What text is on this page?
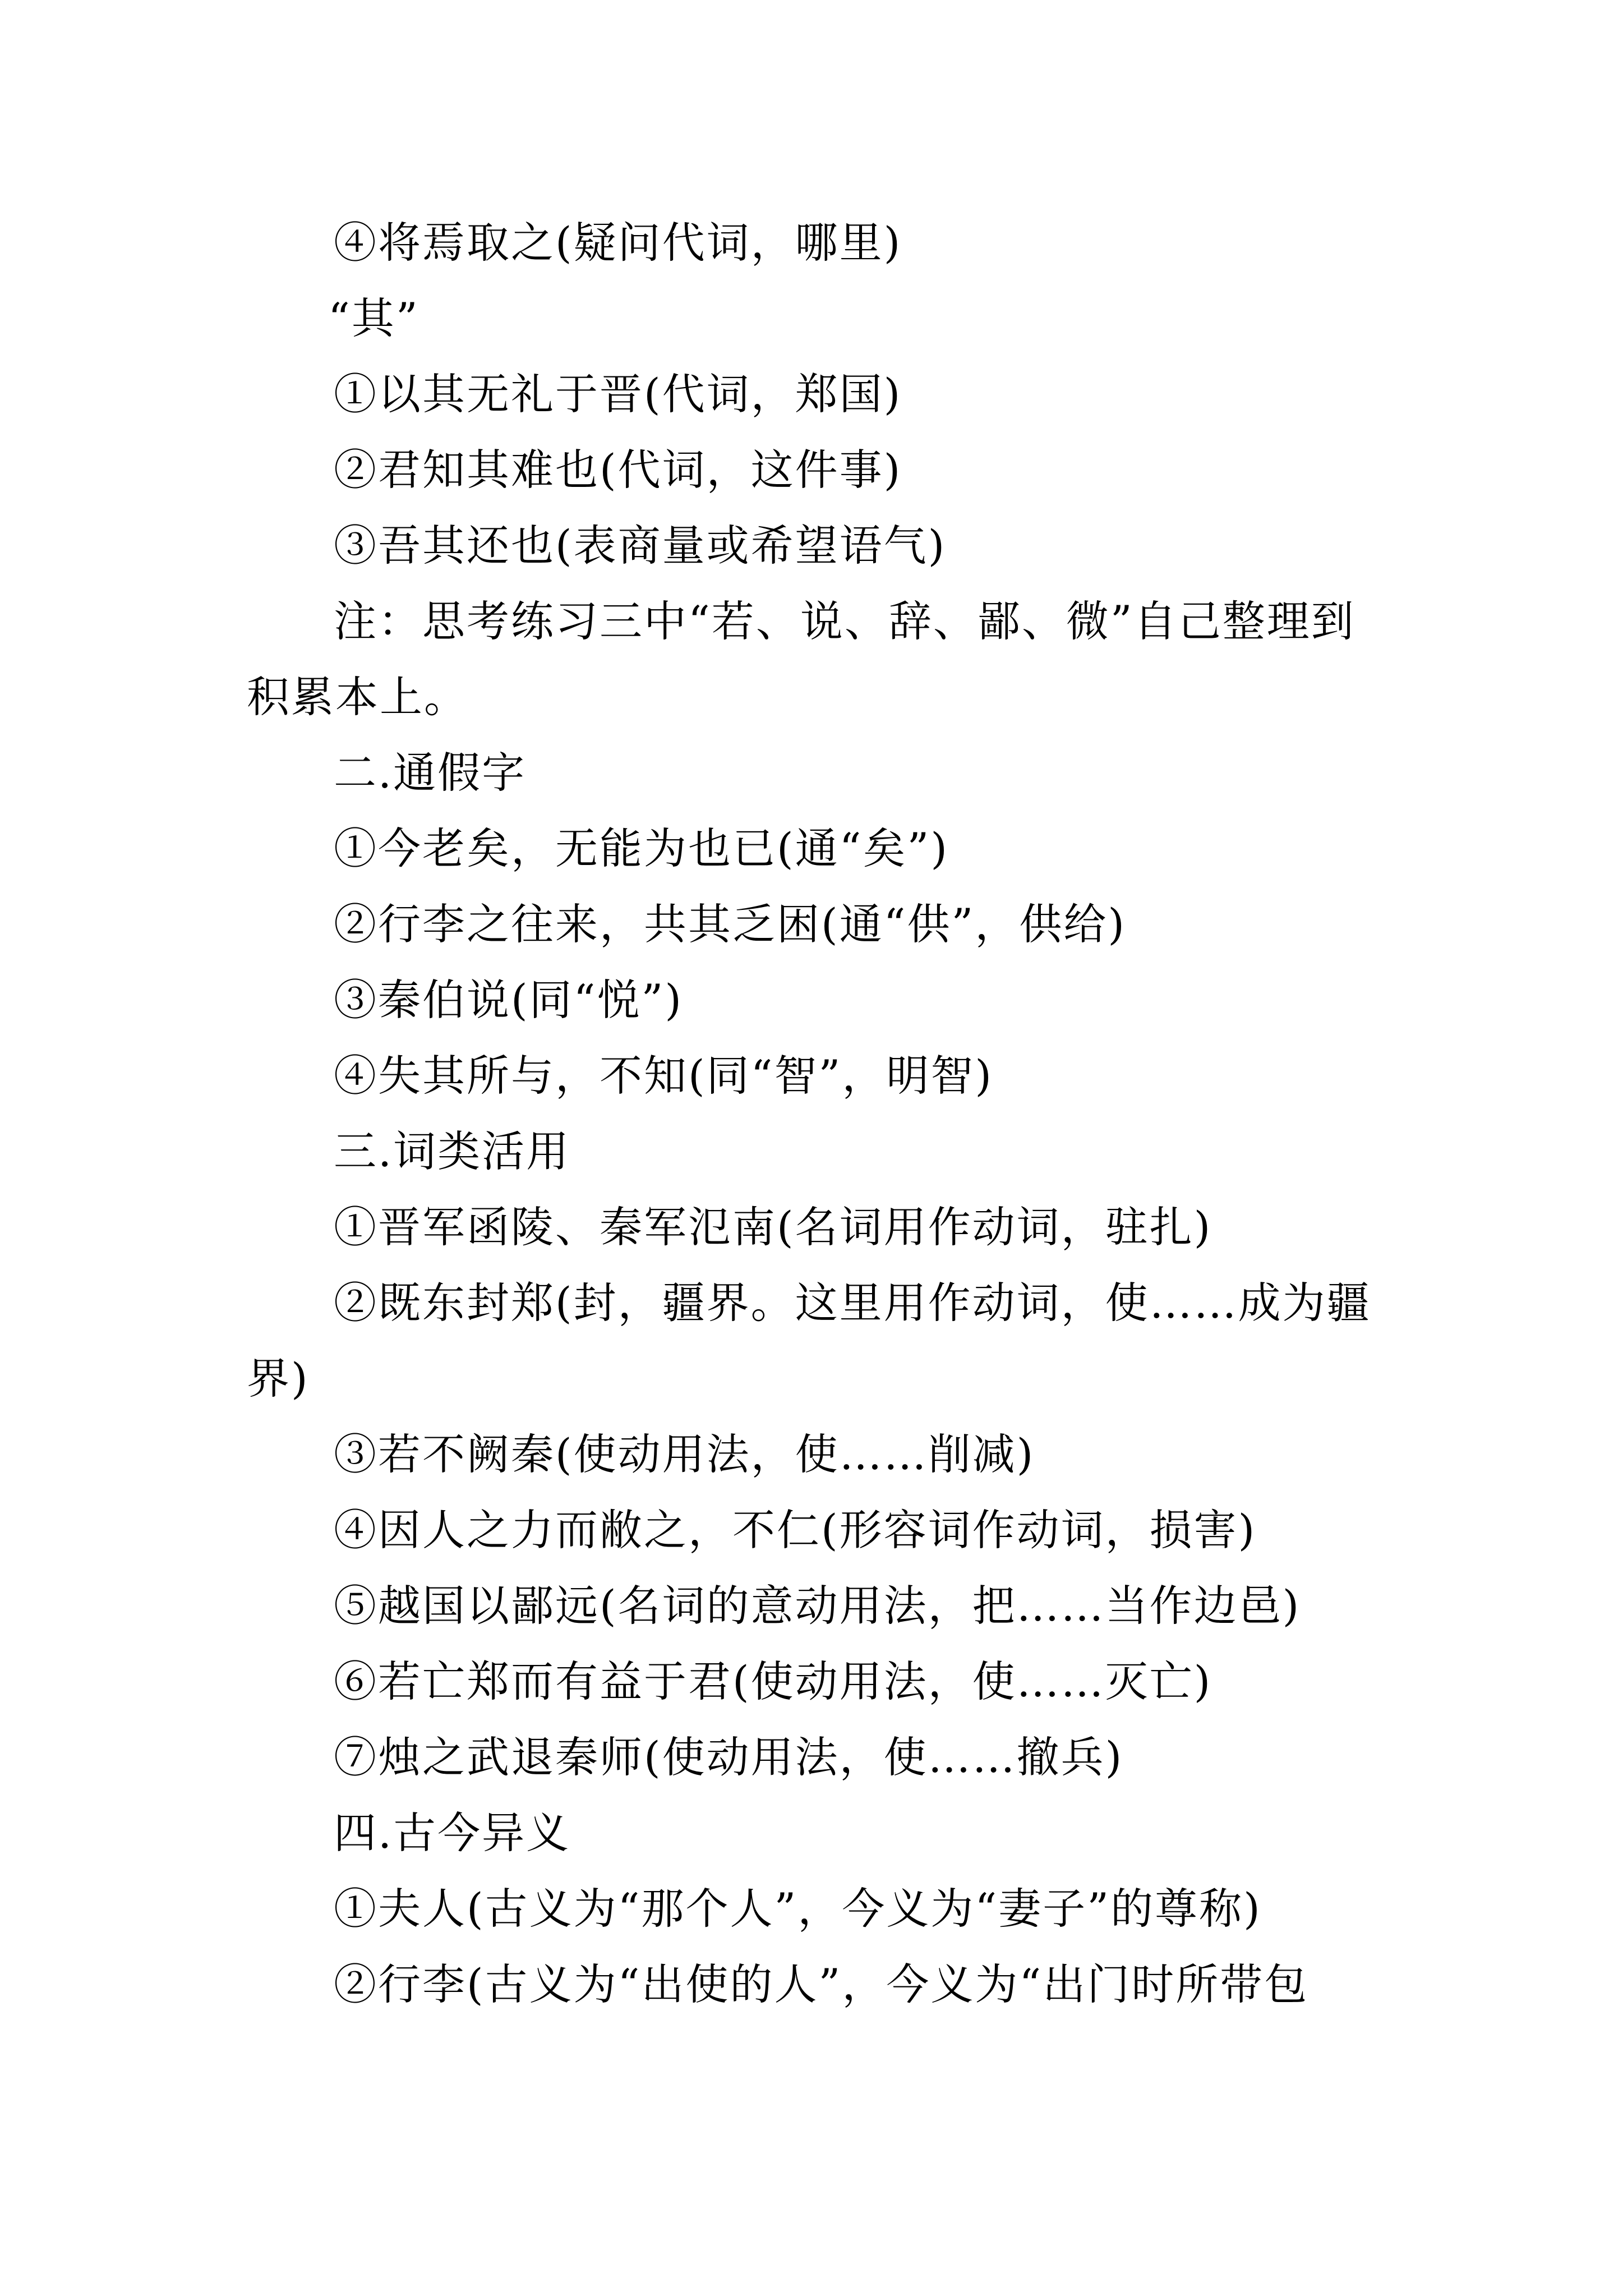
④将焉取之(疑问代词，哪里)
“其”
①以其无礼于晋(代词，郑国)
②君知其难也(代词，这件事)
③吾其还也(表商量或希望语气)
注：思考练习三中“若、说、辞、鄙、微”自己整理到
积累本上。
二.通假字
①今老矣，无能为也已(通“矣”)
②行李之往来，共其乏困(通“供”，供给)
③秦伯说(同“悦”)
④失其所与，不知(同“智”，明智)
三.词类活用
①晋军函陵、秦军氾南(名词用作动词，驻扎)
②既东封郑(封，疆界。这里用作动词，使……成为疆
界)
③若不阙秦(使动用法，使……削减)
④因人之力而敝之，不仁(形容词作动词，损害)
⑤越国以鄙远(名词的意动用法，把……当作边邑)
⑥若亡郑而有益于君(使动用法，使……灭亡)
⑦烛之武退秦师(使动用法，使……撤兵)
四.古今异义
①夫人(古义为“那个人”，今义为“妻子”的尊称)
②行李(古义为“出使的人”，今义为“出门时所带包
